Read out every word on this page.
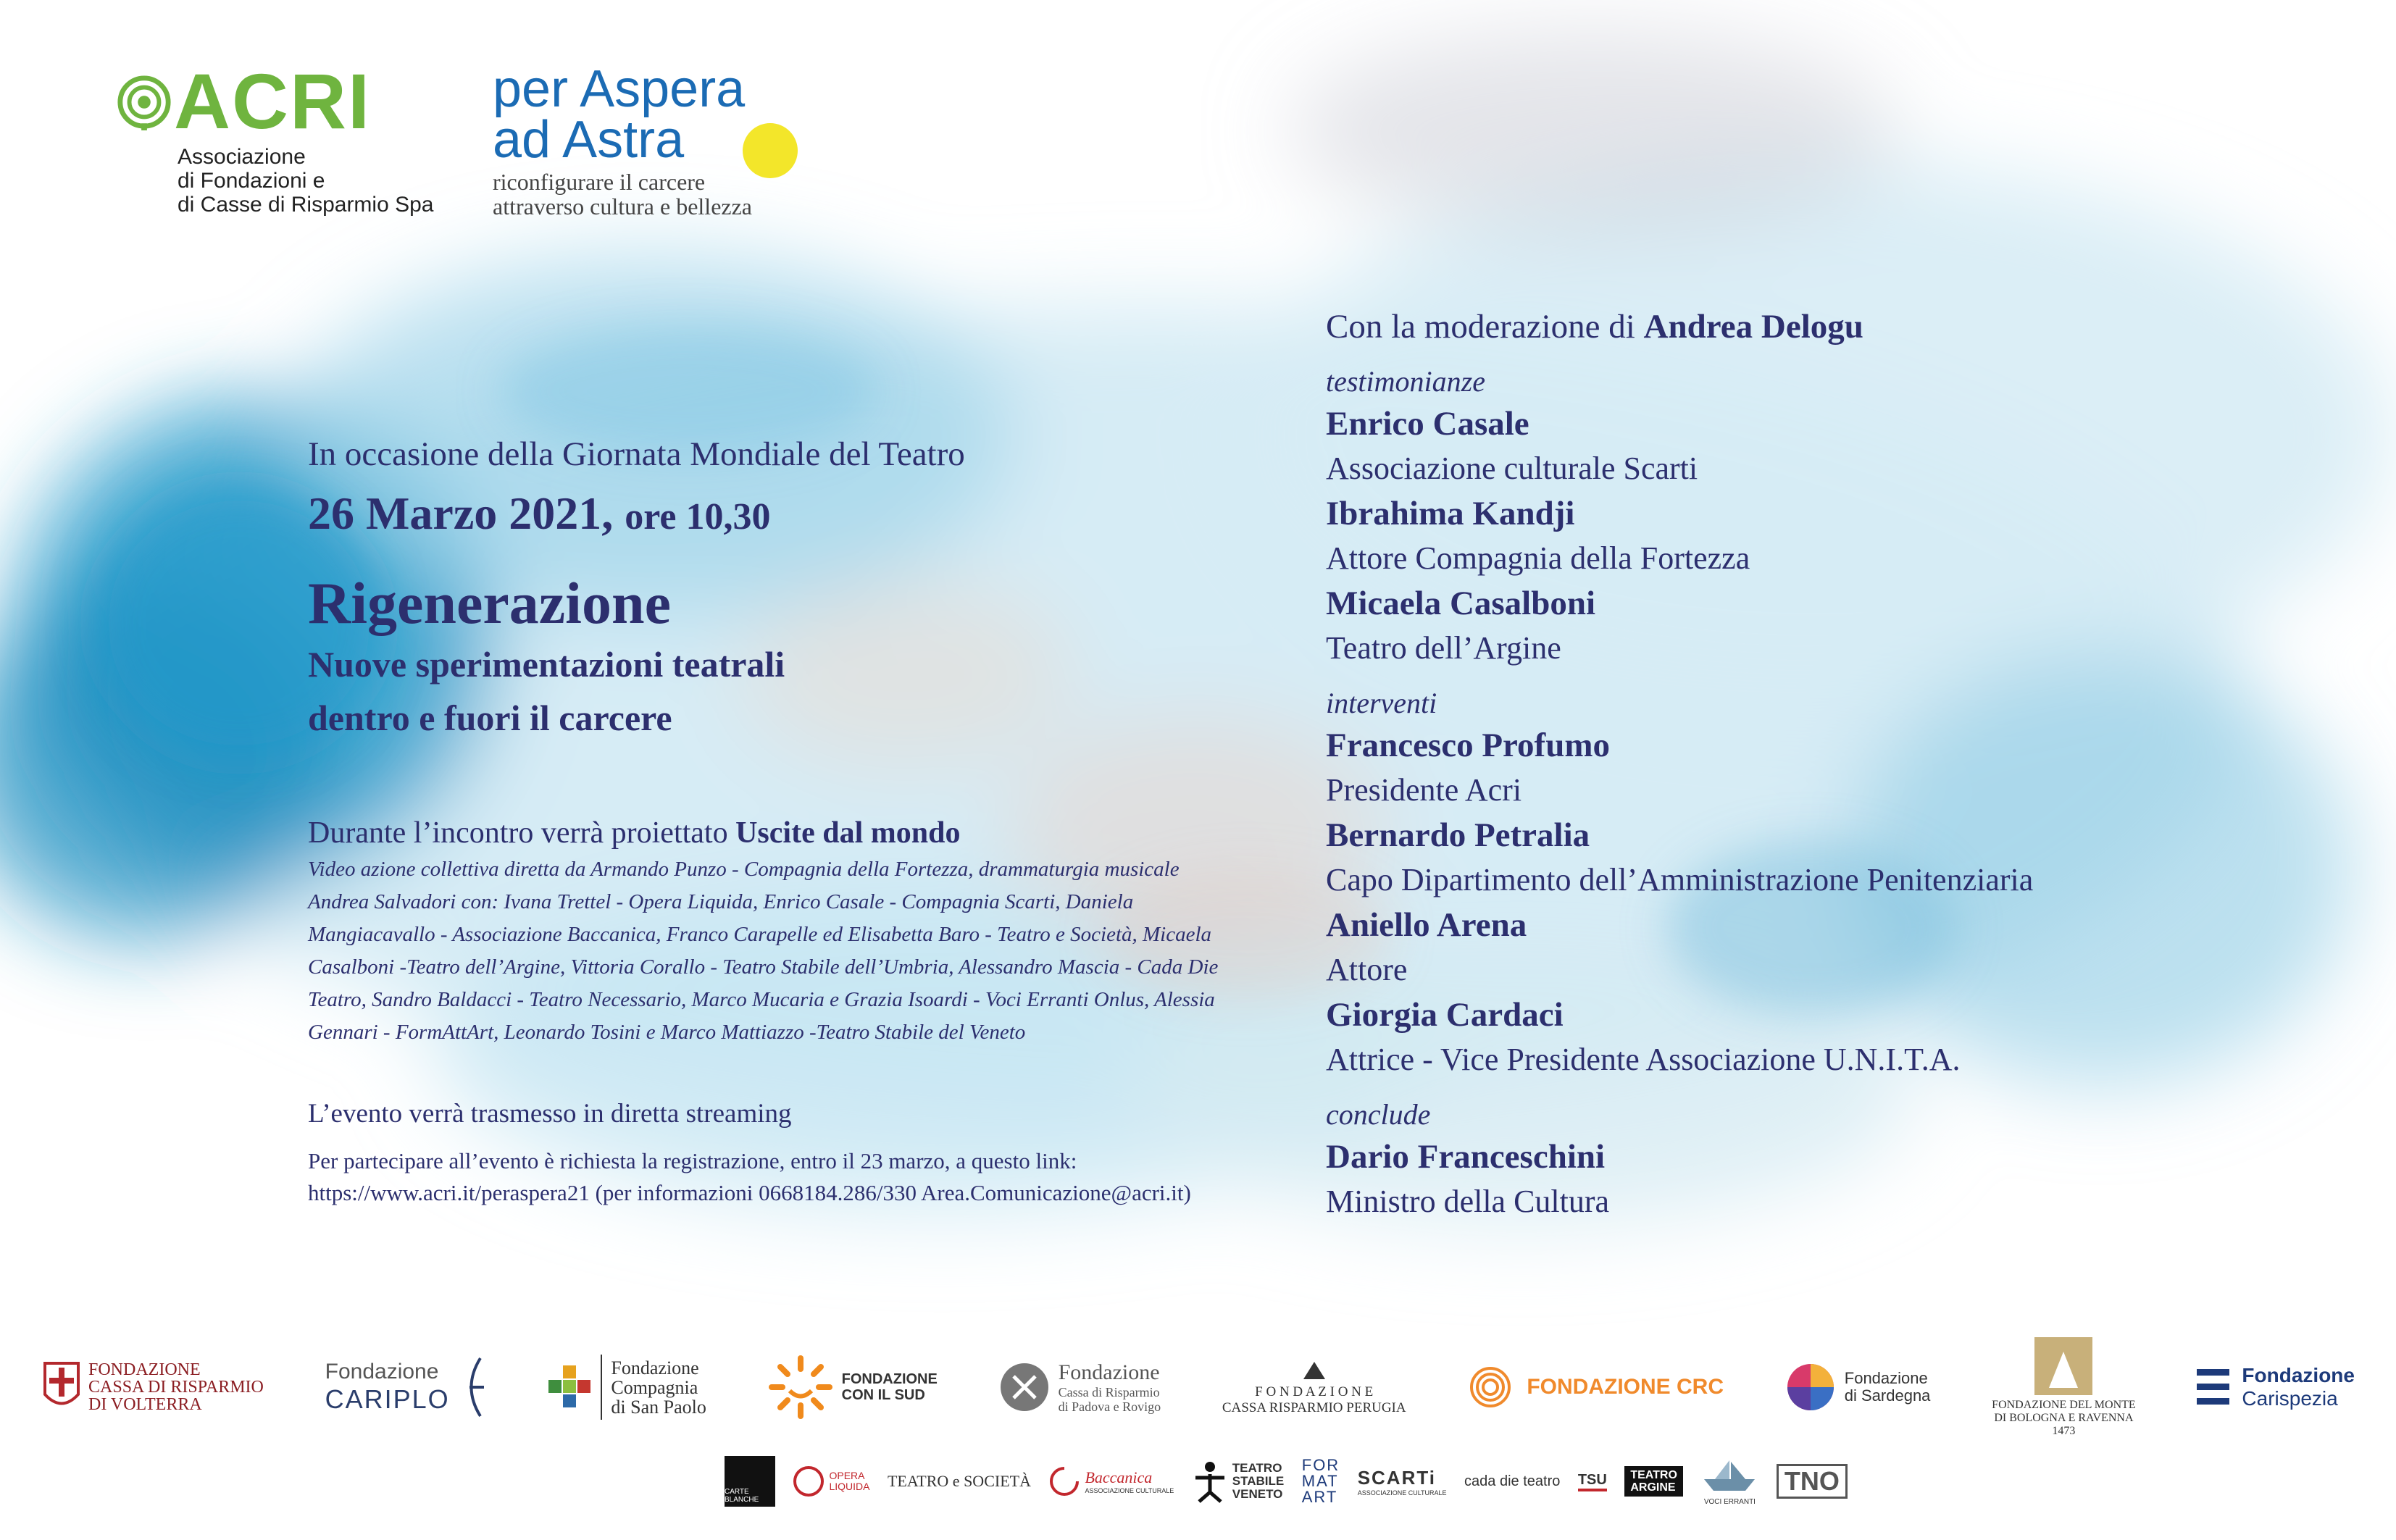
ACRI
Associazione
di Fondazioni e
di Casse di Risparmio Spa
per Aspera
ad Astra
riconfigurare il carcere
attraverso cultura e bellezza
In occasione della Giornata Mondiale del Teatro
26 Marzo 2021, ore 10,30
Rigenerazione
Nuove sperimentazioni teatrali
dentro e fuori il carcere
Durante l’incontro verrà proiettato Uscite dal mondo
Video azione collettiva diretta da Armando Punzo - Compagnia della Fortezza, drammaturgia musicale Andrea Salvadori con: Ivana Trettel - Opera Liquida, Enrico Casale - Compagnia Scarti, Daniela Mangiacavallo - Associazione Baccanica, Franco Carapelle ed Elisabetta Baro - Teatro e Società, Micaela Casalboni -Teatro dell’Argine, Vittoria Corallo - Teatro Stabile dell’Umbria, Alessandro Mascia - Cada Die Teatro, Sandro Baldacci - Teatro Necessario, Marco Mucaria e Grazia Isoardi - Voci Erranti Onlus, Alessia Gennari - FormAttArt, Leonardo Tosini e Marco Mattiazzo -Teatro Stabile del Veneto
L’evento verrà trasmesso in diretta streaming
Per partecipare all’evento è richiesta la registrazione, entro il 23 marzo, a questo link:
https://www.acri.it/peraspera21 (per informazioni 0668184.286/330 Area.Comunicazione@acri.it)
Con la moderazione di Andrea Delogu
testimonianze
Enrico Casale
Associazione culturale Scarti
Ibrahima Kandji
Attore Compagnia della Fortezza
Micaela Casalboni
Teatro dell’Argine
interventi
Francesco Profumo
Presidente Acri
Bernardo Petralia
Capo Dipartimento dell’Amministrazione Penitenziaria
Aniello Arena
Attore
Giorgia Cardaci
Attrice - Vice Presidente Associazione U.N.I.T.A.
conclude
Dario Franceschini
Ministro della Cultura
FONDAZIONE
CASSA DI RISPARMIO
DI VOLTERRA
Fondazione
CARIPLO
Fondazione
Compagnia
di San Paolo
FONDAZIONE
CON IL SUD
Fondazione
Cassa di Risparmio
di Padova e Rovigo
F O N D A Z I O N E
CASSA RISPARMIO PERUGIA
FONDAZIONE CRC	Fondazione
di Sardegna	FONDAZIONE DEL MONTE
DI BOLOGNA E RAVENNA
1473
Fondazione
Carispezia
CARTE BLANCHE
OPERA
LIQUIDA TEATRO e SOCIETÀ	Baccanica
ASSOCIAZIONE CULTURALE
TEATRO
STABILE
VENETO
FOR
MAT
ART
SCARTi
ASSOCIAZIONE CULTURALE
cada die teatro TSU	TEATRO
ARGINE
VOCI ERRANTI
TNO
